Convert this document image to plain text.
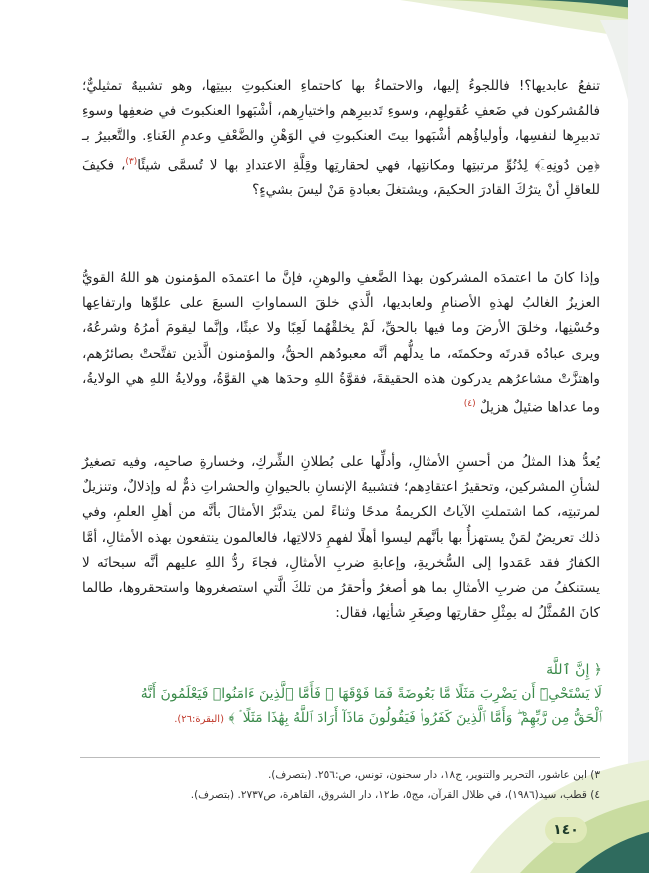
تنفعُ عابديها؟! فاللجوءُ إليها، والاحتماءُ بها كاحتماءِ العنكبوتِ ببيتِها، وهو تشبيهٌ تمثيليٌّ؛ فالمُشركون في ضَعفِ عُقولِهِم، وسوءِ تَدبيرِهم واختيارِهم، أشْبَهوا العنكبوتَ في ضعفِها وسوءِ تدبيرِها لنفسِها، وأولياؤُهم أشْبَهوا بيتَ العنكبوتِ في الوَهْنِ والضَّعْفِ وعدمِ الغَناءِ. والتَّعبيرُ بـ ﴿مِن دُونِهِۦٓ﴾ لِدُنُوِّ مرتبتِها ومكانتِها، فهي لحقارتِها وقِلَّةِ الاعتدادِ بها لا تُسمَّى شيئًا$^{(٣)}$، فكيفَ للعاقلِ أنْ يترُكَ القادرَ الحكيمَ، ويشتغلَ بعبادةِ مَنْ ليسَ بشيءٍ؟
وإذا كانَ ما اعتمدَه المشركون بهذا الضَّعفِ والوهنِ، فإنَّ ما اعتمدَه المؤمنون هو اللهُ القويُّ العزيزُ الغالبُ لهذهِ الأصنامِ ولعابديها، الَّذي خلقَ السماواتِ السبعَ على علوِّها وارتفاعِها وحُسْنِها، وخلقَ الأرضَ وما فيها بالحقِّ، لَمْ يخلقْهُما لَعِبًا ولا عبثًا، وإنَّما ليقومَ أمرُهُ وشرعُهُ، ويرى عبادُه قدرتَه وحكمتَه، ما يدلُّهم أنَّه معبودُهم الحقُّ، والمؤمنون الَّذين تفتَّحتْ بصائرُهم، واهتزَّتْ مشاعرُهم يدركون هذه الحقيقةَ، فقوَّةُ اللهِ وحدَها هي القوَّةُ، وولايةُ اللهِ هي الولايةُ، وما عداها ضئيلٌ هزيلٌ $^{(٤)}$
يُعدُّ هذا المثلُ من أحسنِ الأمثالِ، وأدلِّها على بُطلانِ الشِّركِ، وخسارةِ صاحبِه، وفيه تصغيرٌ لشأنِ المشركين، وتحقيرُ اعتقادِهم؛ فتشبيهُ الإنسانِ بالحيوانِ والحشراتِ ذمٌّ له وإذلالٌ، وتنزيلٌ لمرتبتِه، كما اشتملتِ الآياتُ الكريمةُ مدحًا وثناءً لمن يتدبَّرُ الأمثالَ بأنَّه من أهلِ العلمِ، وفي ذلك تعريضٌ لمَنْ يستهزأُ بها بأنَّهم ليسوا أهلًا لفهمِ دَلالاتِها، فالعالمون ينتفعون بهذه الأمثالِ، أمَّا الكفارُ فقد عَمَدوا إلى السُّخريةِ، وإعابةِ ضربِ الأمثالِ، فجاءَ ردُّ اللهِ عليهم أنَّه سبحانَه لا يستنكفُ من ضربِ الأمثالِ بما هو أصغرُ وأحقرُ من تلكَ الَّتي استصغروها واستحقروها، طالما كانَ المُمثَّلُ له بمِثْلِ حقارتِها وصِغَرِ شأنِها، فقال:
﴿ إِنَّ ٱللَّهَ
لَا يَسْتَحْىِۦٓ أَن يَضْرِبَ مَثَلًا مَّا بَعُوضَةً فَمَا فَوْقَهَا ۚ فَأَمَّا ٱلَّذِينَ ءَامَنُوا۟ فَيَعْلَمُونَ أَنَّهُ
ٱلْحَقُّ مِن رَّبِّهِمْ ۖ وَأَمَّا ٱلَّذِينَ كَفَرُوا۟ فَيَقُولُونَ مَاذَآ أَرَادَ ٱللَّهُ بِهَٰذَا مَثَلًا ۘ ﴾ (البقرة:٢٦).
٣) ابن عاشور، التحرير والتنوير، ج١٨، دار سحنون، تونس، ص:٢٥٦. (بتصرف).
٤) قطب، سيد(١٩٨٦)، في ظلال القرآن، مج٥، ط١٢، دار الشروق، القاهرة، ص٢٧٣٧. (بتصرف).
١٤٠
